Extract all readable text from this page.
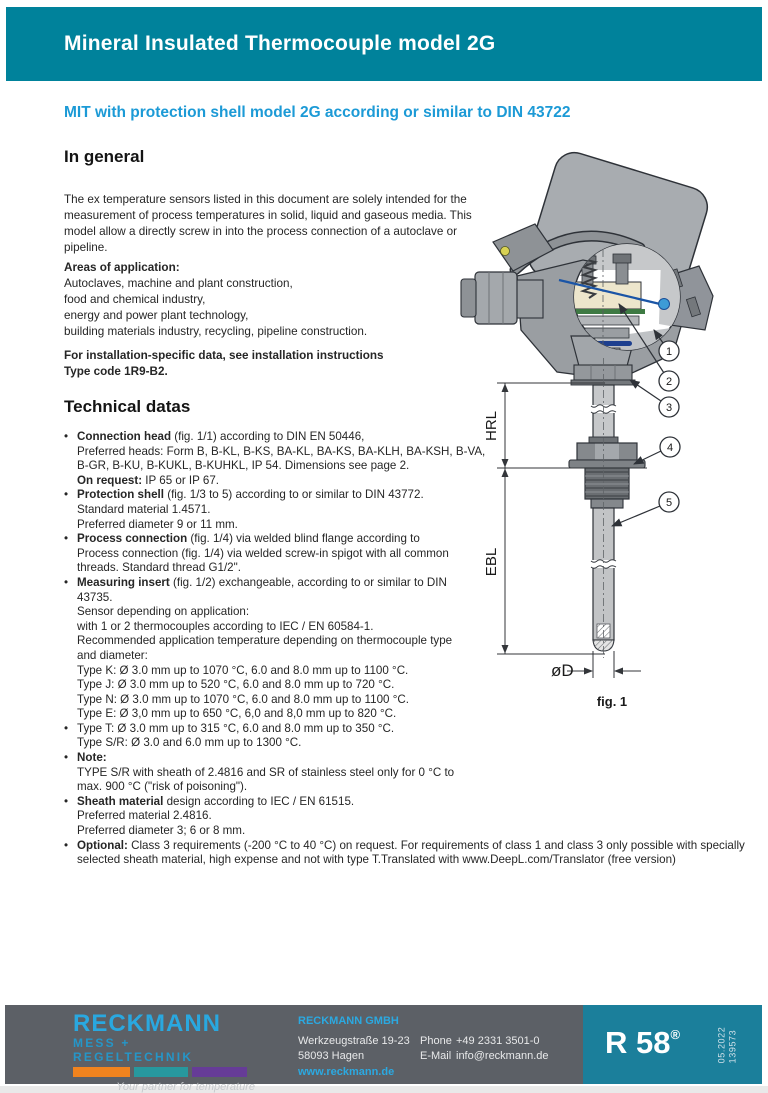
Mineral Insulated Thermocouple model 2G
MIT with protection shell model 2G according or similar to DIN 43722
In general
The ex temperature sensors listed in this document are solely intended for the
measurement of process temperatures in solid, liquid and gaseous media. This
model allow a directly screw in into the process connection of a autoclave or
pipeline.
Areas of application:
Autoclaves, machine and plant construction,
food and chemical industry,
energy and power plant technology,
building materials industry, recycling, pipeline construction.
For installation-specific data, see installation instructions
Type code 1R9-B2.
Technical datas
• Connection head (fig. 1/1) according to DIN EN 50446,
Preferred heads: Form B, B-KL, B-KS, BA-KL, BA-KS, BA-KLH, BA-KSH, B-VA,
B-GR, B-KU, B-KUKL, B-KUHKL, IP 54. Dimensions see page 2.
On request: IP 65 or IP 67.
• Protection shell (fig. 1/3 to 5) according to or similar to DIN 43772.
Standard material 1.4571.
Preferred diameter 9 or 11 mm.
• Process connection (fig. 1/4) via welded blind flange according to
Process connection (fig. 1/4) via welded screw-in spigot with all common
threads. Standard thread G1/2".
• Measuring insert (fig. 1/2) exchangeable, according to or similar to DIN
43735.
Sensor depending on application:
with 1 or 2 thermocouples according to IEC / EN 60584-1.
Recommended application temperature depending on thermocouple type
and diameter:
Type K: Ø 3.0 mm up to 1070 °C, 6.0 and 8.0 mm up to 1100 °C.
Type J: Ø 3.0 mm up to 520 °C, 6.0 and 8.0 mm up to 720 °C.
Type N: Ø 3.0 mm up to 1070 °C, 6.0 and 8.0 mm up to 1100 °C.
Type E: Ø 3,0 mm up to 650 °C, 6,0 and 8,0 mm up to 820 °C.
• Type T: Ø 3.0 mm up to 315 °C, 6.0 and 8.0 mm up to 350 °C.
Type S/R: Ø 3.0 and 6.0 mm up to 1300 °C.
• Note:
TYPE S/R with sheath of 2.4816 and SR of stainless steel only for 0 °C to
max. 900 °C ("risk of poisoning").
• Sheath material design according to IEC / EN 61515.
Preferred material 2.4816.
Preferred diameter 3; 6 or 8 mm.
• Optional: Class 3 requirements (-200 °C to 40 °C) on request. For requirements of class 1 and class 3 only possible with specially
selected sheath material, high expense and not with type T.Translated with www.DeepL.com/Translator (free version)
HRL
EBL
øD
fig. 1
1
2
3
4
5
RECKMANN
MESS + REGELTECHNIK
Your partner for temperature
RECKMANN GMBH
Werkzeugstraße 19-23
58093 Hagen
Phone +49 2331 3501-0
E-Mail info@reckmann.de
www.reckmann.de
R 58®	05.2022 139573
